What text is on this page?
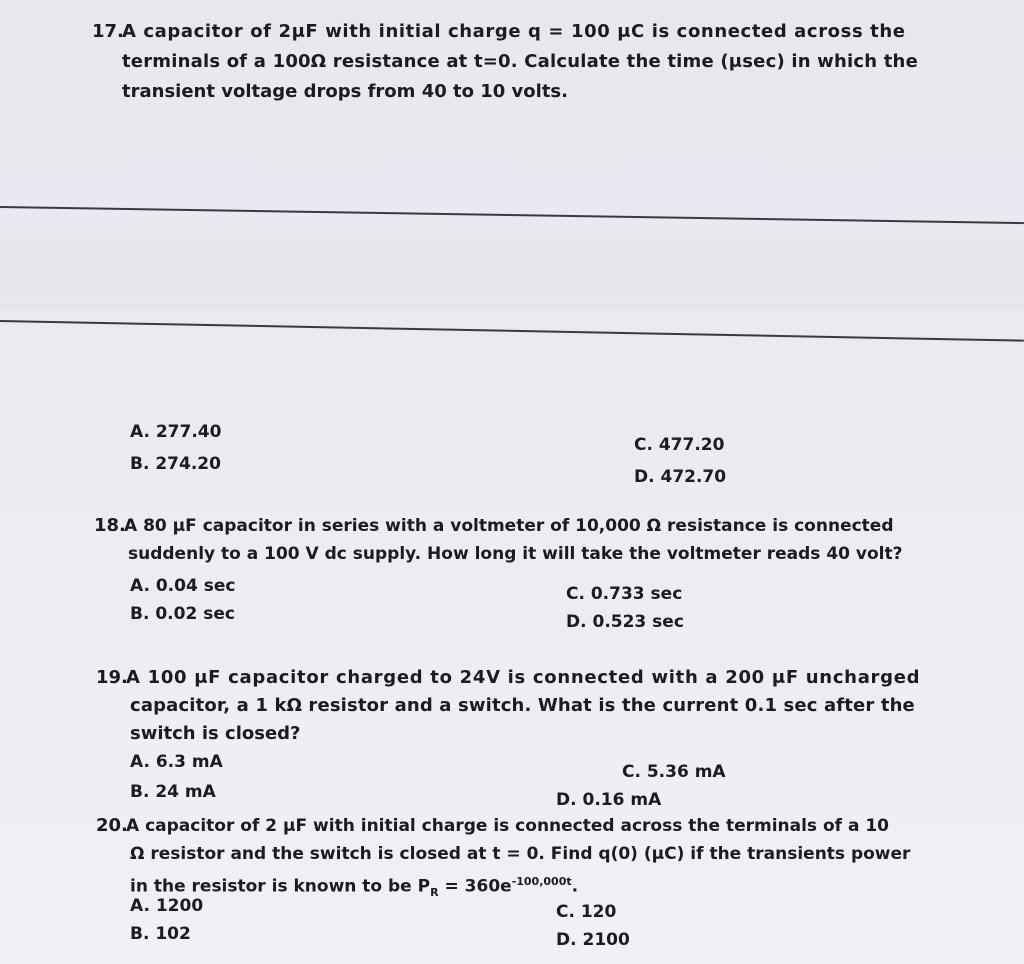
17.
A capacitor of 2μF with initial charge q = 100 μC is connected across the
terminals of a 100Ω resistance at t=0. Calculate the time (μsec) in which the
transient voltage drops from 40 to 10 volts.
A. 277.40
B. 274.20
C. 477.20
D. 472.70
18.
A 80 μF capacitor in series with a voltmeter of 10,000 Ω resistance is connected
suddenly to a 100 V dc supply. How long it will take the voltmeter reads 40 volt?
A. 0.04 sec
B. 0.02 sec
C. 0.733 sec
D. 0.523 sec
19.
A 100 μF capacitor charged to 24V is connected with a 200 μF uncharged
capacitor, a 1 kΩ resistor and a switch. What is the current 0.1 sec after the
switch is closed?
A. 6.3 mA
B. 24 mA
C. 5.36 mA
D. 0.16 mA
20.
A capacitor of 2 μF with initial charge is connected across the terminals of a 10
Ω resistor and the switch is closed at t = 0. Find q(0) (μC) if the transients power
in the resistor is known to be $P_R = 360e^{-100,000t}$.
A. 1200
B. 102
C. 120
D. 2100
